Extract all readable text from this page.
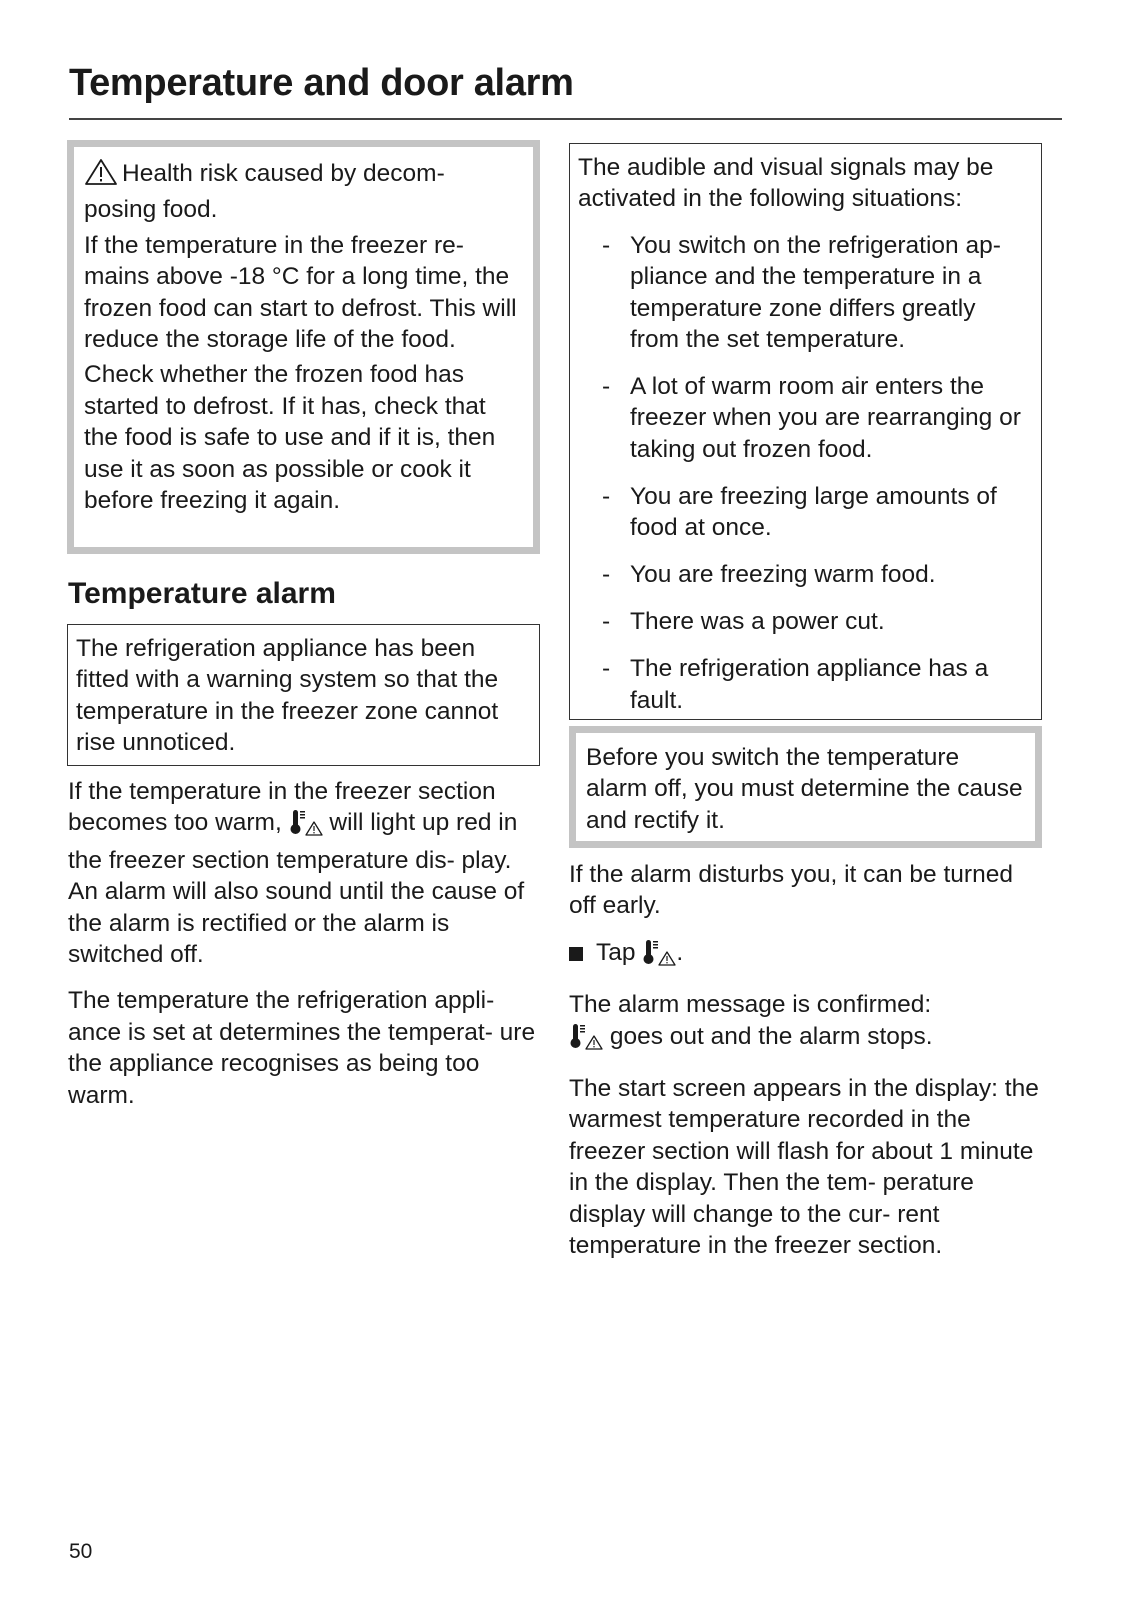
Temperature and door alarm

Health risk caused by decom- posing food.

If the temperature in the freezer re- mains above -18 °C for a long time, the frozen food can start to defrost. This will reduce the storage life of the food.

Check whether the frozen food has started to defrost. If it has, check that the food is safe to use and if it is, then use it as soon as possible or cook it before freezing it again.

Temperature alarm

The refrigeration appliance has been fitted with a warning system so that the temperature in the freezer zone cannot rise unnoticed.

If the temperature in the freezer section becomes too warm, will light up red in the freezer section temperature dis- play.

An alarm will also sound until the cause of the alarm is rectified or the alarm is switched off.

The temperature the refrigeration appli- ance is set at determines the temperat- ure the appliance recognises as being too warm.

The audible and visual signals may be activated in the following situations:

- You switch on the refrigeration ap- pliance and the temperature in a temperature zone differs greatly from the set temperature.
- A lot of warm room air enters the freezer when you are rearranging or taking out frozen food.
- You are freezing large amounts of food at once.
- You are freezing warm food.
- There was a power cut.
- The refrigeration appliance has a fault.

Before you switch the temperature alarm off, you must determine the cause and rectify it.

If the alarm disturbs you, it can be turned off early.

Tap .

The alarm message is confirmed:

goes out and the alarm stops.

The start screen appears in the display: the warmest temperature recorded in the freezer section will flash for about 1 minute in the display. Then the tem- perature display will change to the cur- rent temperature in the freezer section.

50
